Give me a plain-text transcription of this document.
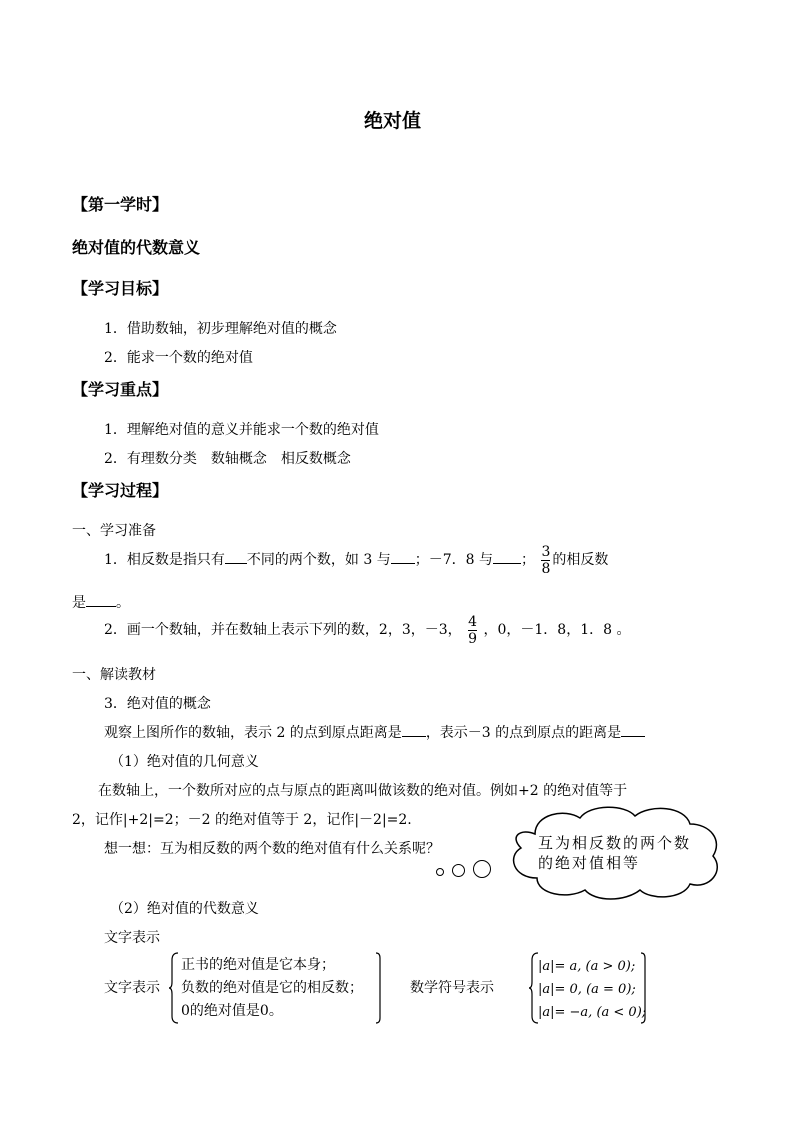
绝对值
【第一学时】
绝对值的代数意义
【学习目标】
1．借助数轴，初步理解绝对值的概念
2．能求一个数的绝对值
【学习重点】
1．理解绝对值的意义并能求一个数的绝对值
2．有理数分类　数轴概念　相反数概念
【学习过程】
一、学习准备
1．相反数是指只有 不同的两个数，如 3 与 ；－7．8 与 ； $\frac{3}{8}$ 的相反数
是 。
2．画一个数轴，并在数轴上表示下列的数，2，3，－3， $\frac{4}{9}$ ，0，－1．8，1．8 。
一、解读教材
3．绝对值的概念
观察上图所作的数轴，表示 2 的点到原点距离是 ，表示－3 的点到原点的距离是
（1）绝对值的几何意义
在数轴上，一个数所对应的点与原点的距离叫做该数的绝对值。例如+2 的绝对值等于
2，记作|+2|=2；－2 的绝对值等于 2，记作|－2|=2.
想一想：互为相反数的两个数的绝对值有什么关系呢？	互为相反数的两个数的绝对值相等
（2）绝对值的代数意义
文字表示
文字表示
正书的绝对值是它本身；
负数的绝对值是它的相反数；
0的绝对值是0。
数学符号表示
|a|= a, (a > 0);
|a|= 0, (a = 0);
|a|= −a, (a < 0);
